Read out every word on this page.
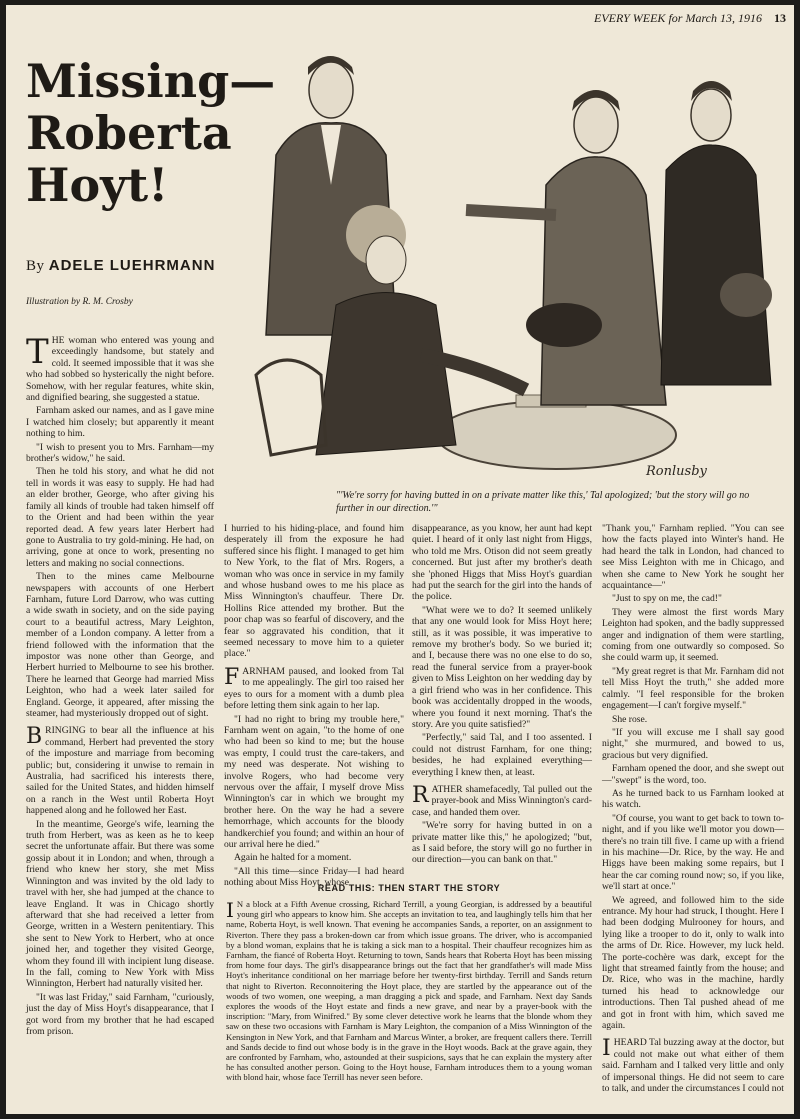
EVERY WEEK for March 13, 1916 13
Missing—
Roberta
Hoyt!
By ADELE LUEHRMANN
Illustration by R. M. Crosby
Ronlusby
"'We're sorry for having butted in on a private matter like this,' Tal apologized; 'but the story will go no further in our direction.'"

THE woman who entered was young and exceedingly handsome, but stately and cold. It seemed impossible that it was she who had sobbed so hysterically the night before. Somehow, with her regular features, white skin, and dignified bearing, she suggested a statue.

Farnham asked our names, and as I gave mine I watched him closely; but apparently it meant nothing to him.

"I wish to present you to Mrs. Farnham—my brother's widow," he said.

Then he told his story, and what he did not tell in words it was easy to supply. He had had an elder brother, George, who after giving his family all kinds of trouble had taken himself off to the Orient and had been within the year reported dead. A few years later Herbert had gone to Australia to try gold-mining. He had, on arriving, gone at once to work, presenting no letters and making no social connections.

Then to the mines came Melbourne newspapers with accounts of one Herbert Farnham, future Lord Darrow, who was cutting a wide swath in society, and on the side paying court to a beautiful actress, Mary Leighton, member of a London company. A letter from a friend followed with the information that the impostor was none other than George, and Herbert hurried to Melbourne to see his brother. There he learned that George had married Miss Leighton, who had a week later sailed for England. George, it appeared, after missing the steamer, had mysteriously dropped out of sight.

BRINGING to bear all the influence at his command, Herbert had prevented the story of the imposture and marriage from becoming public; but, considering it unwise to remain in Australia, had sacrificed his interests there, sailed for the United States, and hidden himself on a ranch in the West until Roberta Hoyt happened along and he followed her East.

In the meantime, George's wife, learning the truth from Herbert, was as keen as he to keep secret the unfortunate affair. But there was some gossip about it in London; and when, through a friend who knew her story, she met Miss Winnington and was invited by the old lady to travel with her, she had jumped at the chance to leave England. It was in Chicago shortly afterward that she had received a letter from George, written in a Western penitentiary. This she sent to New York to Herbert, who at once joined her, and together they visited George, whom they found ill with incipient lung disease. In the fall, coming to New York with Miss Winnington, Herbert had naturally visited her.

"It was last Friday," said Farnham, "curiously, just the day of Miss Hoyt's disappearance, that I got word from my brother that he had escaped from prison.

I hurried to his hiding-place, and found him desperately ill from the exposure he had suffered since his flight. I managed to get him to New York, to the flat of Mrs. Rogers, a woman who was once in service in my family and whose husband owes to me his place as Miss Winnington's chauffeur. There Dr. Hollins Rice attended my brother. But the poor chap was so fearful of discovery, and the fear so aggravated his condition, that it seemed necessary to move him to a quieter place."

FARNHAM paused, and looked from Tal to me appealingly. The girl too raised her eyes to ours for a moment with a dumb plea before letting them sink again to her lap.

"I had no right to bring my trouble here," Farnham went on again, "to the home of one who had been so kind to me; but the house was empty, I could trust the care-takers, and my need was desperate. Not wishing to involve Rogers, who had become very nervous over the affair, I myself drove Miss Winnington's car in which we brought my brother here. On the way he had a severe hemorrhage, which accounts for the bloody handkerchief you found; and within an hour of our arrival here he died."

Again he halted for a moment.

"All this time—since Friday—I had heard nothing about Miss Hoyt, whose

disappearance, as you know, her aunt had kept quiet. I heard of it only last night from Higgs, who told me Mrs. Otison did not seem greatly concerned. But just after my brother's death she 'phoned Higgs that Miss Hoyt's guardian had put the search for the girl into the hands of the police.

"What were we to do? It seemed unlikely that any one would look for Miss Hoyt here; still, as it was possible, it was imperative to remove my brother's body. So we buried it; and I, because there was no one else to do so, read the funeral service from a prayer-book given to Miss Leighton on her wedding day by a girl friend who was in her confidence. This book was accidentally dropped in the woods, where you found it next morning. That's the story. Are you quite satisfied?"

"Perfectly," said Tal, and I too assented. I could not distrust Farnham, for one thing; besides, he had explained everything—everything I knew then, at least.

RATHER shamefacedly, Tal pulled out the prayer-book and Miss Winnington's card-case, and handed them over.

"We're sorry for having butted in on a private matter like this," he apologized; "but, as I said before, the story will go no further in our direction—you can bank on that."

READ THIS: THEN START THE STORY
I N a block at a Fifth Avenue crossing, Richard Terrill, a young Georgian, is addressed by a beautiful young girl who appears to know him. She accepts an invitation to tea, and laughingly tells him that her name, Roberta Hoyt, is well known. That evening he accompanies Sands, a reporter, on an assignment to Riverton. There they pass a broken-down car from which issue groans. The driver, who is accompanied by a blond woman, explains that he is taking a sick man to a hospital. Their chauffeur recognizes him as Farnham, the fiancé of Roberta Hoyt. Returning to town, Sands hears that Roberta Hoyt has been missing from home four days. The girl's disappearance brings out the fact that her grandfather's will made Miss Hoyt's inheritance conditional on her marriage before her twenty-first birthday. Terrill and Sands return that night to Riverton. Reconnoitering the Hoyt place, they are startled by the appearance out of the woods of two women, one weeping, a man dragging a pick and spade, and Farnham. Next day Sands explores the woods of the Hoyt estate and finds a new grave, and near by a prayer-book with the inscription: "Mary, from Winifred." By some clever detective work he learns that the blonde whom they saw on these two occasions with Farnham is Mary Leighton, the companion of a Miss Winnington of the Kensington in New York, and that Farnham and Marcus Winter, a broker, are frequent callers there. Terrill and Sands decide to find out whose body is in the grave in the Hoyt woods. Back at the grave again, they are confronted by Farnham, who, astounded at their suspicions, says that he can explain the mystery after he has consulted another person. Going to the Hoyt house, Farnham introduces them to a young woman with blond hair, whose face Terrill has never seen before.

"Thank you," Farnham replied. "You can see how the facts played into Winter's hand. He had heard the talk in London, had chanced to see Miss Leighton with me in Chicago, and when she came to New York he sought her acquaintance—"

"Just to spy on me, the cad!"

They were almost the first words Mary Leighton had spoken, and the badly suppressed anger and indignation of them were startling, coming from one outwardly so composed. So she could warm up, it seemed.

"My great regret is that Mr. Farnham did not tell Miss Hoyt the truth," she added more calmly. "I feel responsible for the broken engagement—I can't forgive myself."

She rose.

"If you will excuse me I shall say good night," she murmured, and bowed to us, gracious but very dignified.

Farnham opened the door, and she swept out—"swept" is the word, too.

As he turned back to us Farnham looked at his watch.

"Of course, you want to get back to town to-night, and if you like we'll motor you down—there's no train till five. I came up with a friend in his machine—Dr. Rice, by the way. He and Higgs have been making some repairs, but I hear the car coming round now; so, if you like, we'll start at once."

We agreed, and followed him to the side entrance. My hour had struck, I thought. Here I had been dodging Mulrooney for hours, and lying like a trooper to do it, only to walk into the arms of Dr. Rice. However, my luck held. The porte-cochère was dark, except for the light that streamed faintly from the house; and Dr. Rice, who was in the machine, hardly turned his head to acknowledge our introductions. Then Tal pushed ahead of me and got in front with him, which saved me again.

IHEARD Tal buzzing away at the doctor, but could not make out what either of them said. Farnham and I talked very little and only of impersonal things. He did not seem to care to talk, and under the circumstances I could not
